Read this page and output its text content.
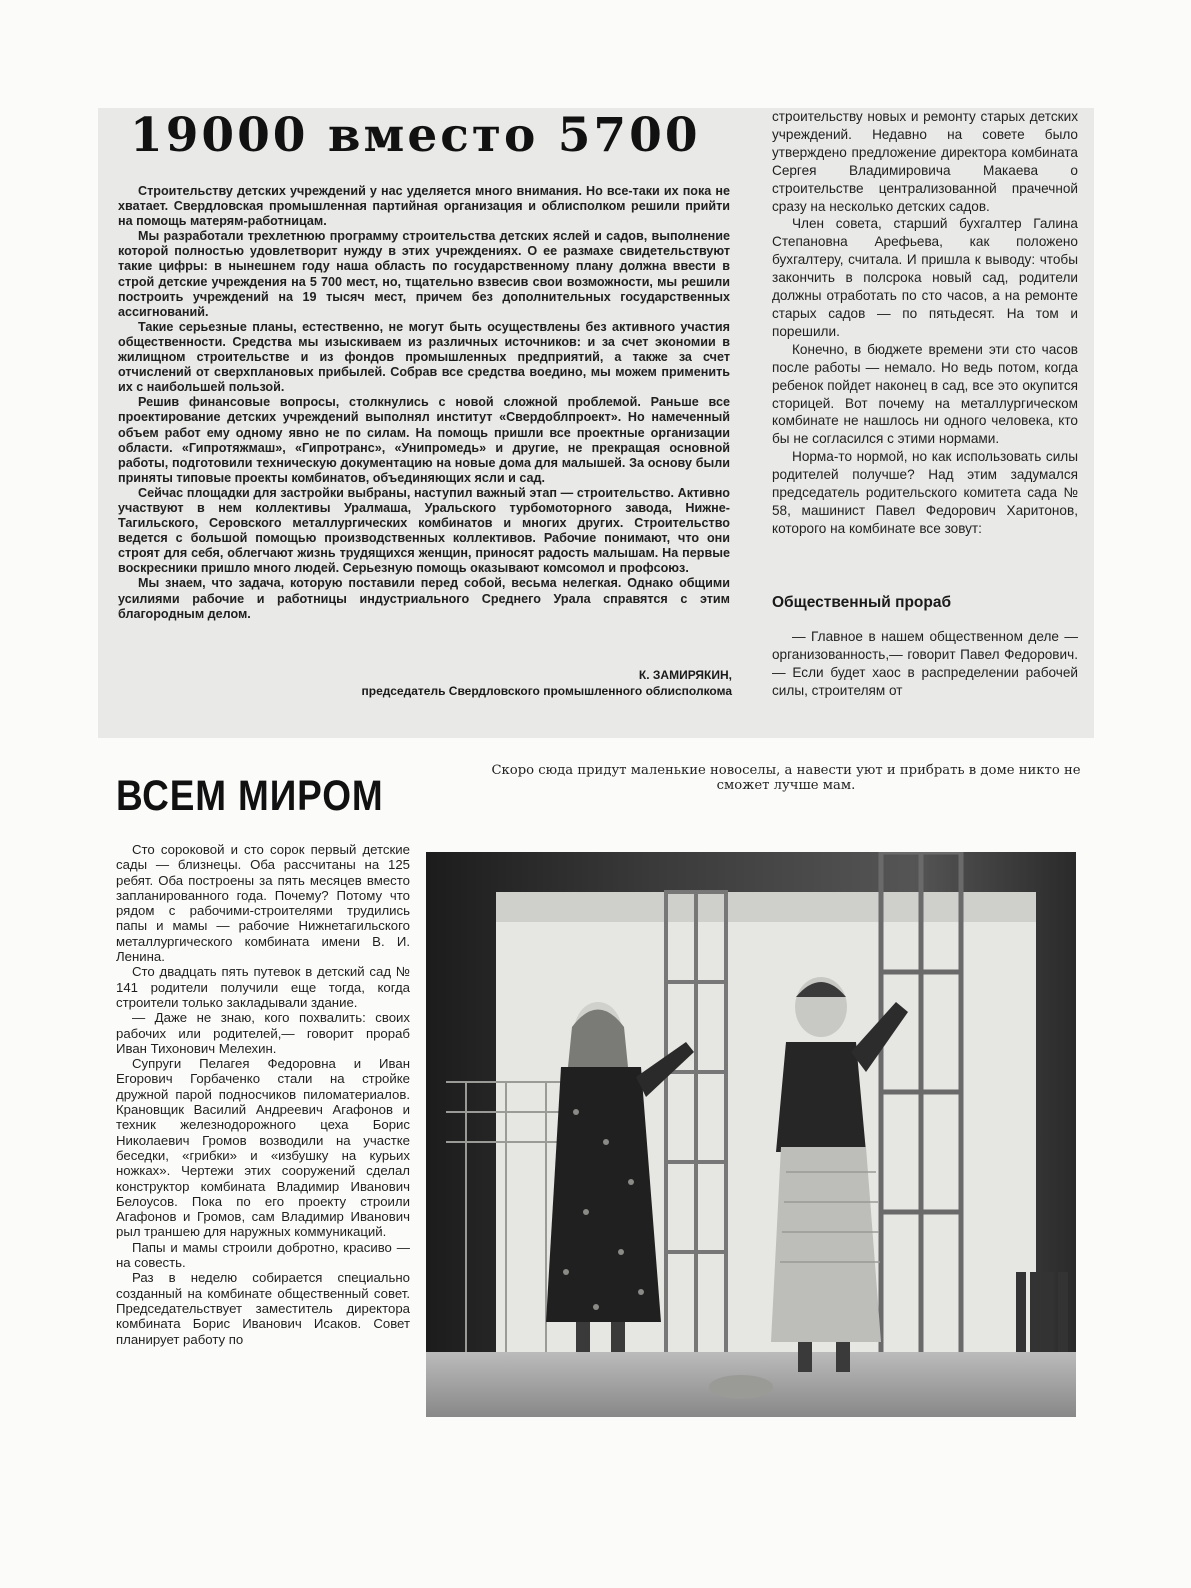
19000 вместо 5700

Строительству детских учреждений у нас уделяется много внимания. Но все-таки их пока не хватает. Свердловская промышленная партийная организация и облисполком решили прийти на помощь матерям-работницам.

Мы разработали трехлетнюю программу строительства детских яслей и садов, выполнение которой полностью удовлетворит нужду в этих учреждениях. О ее размахе свидетельствуют такие цифры: в нынешнем году наша область по государственному плану должна ввести в строй детские учреждения на 5 700 мест, но, тщательно взвесив свои возможности, мы решили построить учреждений на 19 тысяч мест, причем без дополнительных государственных ассигнований.

Такие серьезные планы, естественно, не могут быть осуществлены без активного участия общественности. Средства мы изыскиваем из различных источников: и за счет экономии в жилищном строительстве и из фондов промышленных предприятий, а также за счет отчислений от сверхплановых прибылей. Собрав все средства воедино, мы можем применить их с наибольшей пользой.

Решив финансовые вопросы, столкнулись с новой сложной проблемой. Раньше все проектирование детских учреждений выполнял институт «Свердоблпроект». Но намеченный объем работ ему одному явно не по силам. На помощь пришли все проектные организации области. «Гипротяжмаш», «Гипротранс», «Унипромедь» и другие, не прекращая основной работы, подготовили техническую документацию на новые дома для малышей. За основу были приняты типовые проекты комбинатов, объединяющих ясли и сад.

Сейчас площадки для застройки выбраны, наступил важный этап — строительство. Активно участвуют в нем коллективы Уралмаша, Уральского турбомоторного завода, Нижне-Тагильского, Серовского металлургических комбинатов и многих других. Строительство ведется с большой помощью производственных коллективов. Рабочие понимают, что они строят для себя, облегчают жизнь трудящихся женщин, приносят радость малышам. На первые воскресники пришло много людей. Серьезную помощь оказывают комсомол и профсоюз.

Мы знаем, что задача, которую поставили перед собой, весьма нелегкая. Однако общими усилиями рабочие и работницы индустриального Среднего Урала справятся с этим благородным делом.

К. ЗАМИРЯКИН,
председатель Свердловского промышленного облисполкома

строительству новых и ремонту старых детских учреждений. Недавно на совете было утверждено предложение директора комбината Сергея Владимировича Макаева о строительстве централизованной прачечной сразу на несколько детских садов.

Член совета, старший бухгалтер Галина Степановна Арефьева, как положено бухгалтеру, считала. И пришла к выводу: чтобы закончить в полсрока новый сад, родители должны отработать по сто часов, а на ремонте старых садов — по пятьдесят. На том и порешили.

Конечно, в бюджете времени эти сто часов после работы — немало. Но ведь потом, когда ребенок пойдет наконец в сад, все это окупится сторицей. Вот почему на металлургическом комбинате не нашлось ни одного человека, кто бы не согласился с этими нормами.

Норма-то нормой, но как использовать силы родителей получше? Над этим задумался председатель родительского комитета сада № 58, машинист Павел Федорович Харитонов, которого на комбинате все зовут:

Общественный прораб

— Главное в нашем общественном деле — организованность,— говорит Павел Федорович.— Если будет хаос в распределении рабочей силы, строителям от

ВСЕМ МИРОМ
Скоро сюда придут маленькие новоселы, а навести уют и прибрать в доме никто не сможет лучше мам.

Сто сороковой и сто сорок первый детские сады — близнецы. Оба рассчитаны на 125 ребят. Оба построены за пять месяцев вместо запланированного года. Почему? Потому что рядом с рабочими-строителями трудились папы и мамы — рабочие Нижнетагильского металлургического комбината имени В. И. Ленина.

Сто двадцать пять путевок в детский сад № 141 родители получили еще тогда, когда строители только закладывали здание.

— Даже не знаю, кого похвалить: своих рабочих или родителей,— говорит прораб Иван Тихонович Мелехин.

Супруги Пелагея Федоровна и Иван Егорович Горбаченко стали на стройке дружной парой подносчиков пиломатериалов. Крановщик Василий Андреевич Агафонов и техник железнодорожного цеха Борис Николаевич Громов возводили на участке беседки, «грибки» и «избушку на курьих ножках». Чертежи этих сооружений сделал конструктор комбината Владимир Иванович Белоусов. Пока по его проекту строили Агафонов и Громов, сам Владимир Иванович рыл траншею для наружных коммуникаций.

Папы и мамы строили добротно, красиво — на совесть.

Раз в неделю собирается специально созданный на комбинате общественный совет. Председательствует заместитель директора комбината Борис Иванович Исаков. Совет планирует работу по
